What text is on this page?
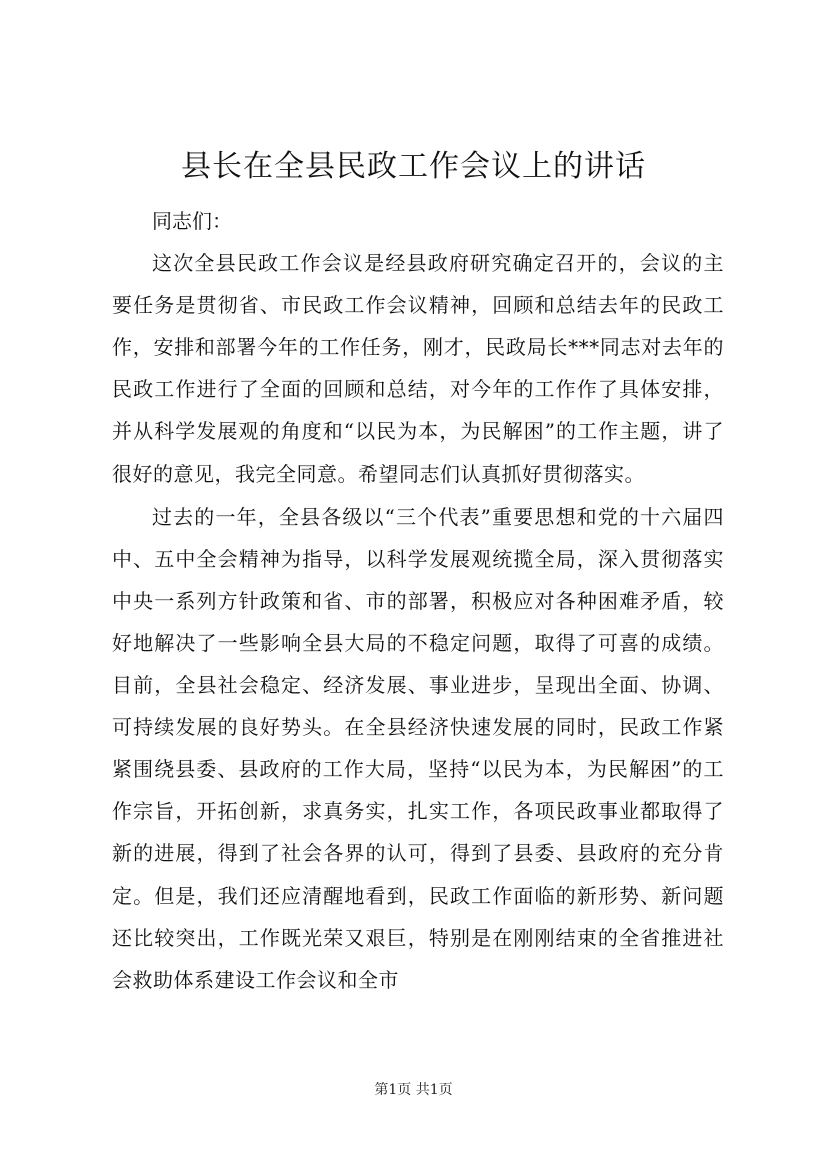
县长在全县民政工作会议上的讲话

同志们：

这次全县民政工作会议是经县政府研究确定召开的，会议的主要任务是贯彻省、市民政工作会议精神，回顾和总结去年的民政工作，安排和部署今年的工作任务，刚才，民政局长***同志对去年的民政工作进行了全面的回顾和总结，对今年的工作作了具体安排，并从科学发展观的角度和“以民为本，为民解困”的工作主题，讲了很好的意见，我完全同意。希望同志们认真抓好贯彻落实。

过去的一年，全县各级以“三个代表”重要思想和党的十六届四中、五中全会精神为指导，以科学发展观统揽全局，深入贯彻落实中央一系列方针政策和省、市的部署，积极应对各种困难矛盾，较好地解决了一些影响全县大局的不稳定问题，取得了可喜的成绩。目前，全县社会稳定、经济发展、事业进步，呈现出全面、协调、可持续发展的良好势头。在全县经济快速发展的同时，民政工作紧紧围绕县委、县政府的工作大局，坚持“以民为本，为民解困”的工作宗旨，开拓创新，求真务实，扎实工作，各项民政事业都取得了新的进展，得到了社会各界的认可，得到了县委、县政府的充分肯定。但是，我们还应清醒地看到，民政工作面临的新形势、新问题还比较突出，工作既光荣又艰巨，特别是在刚刚结束的全省推进社会救助体系建设工作会议和全市

第1页 共1页
